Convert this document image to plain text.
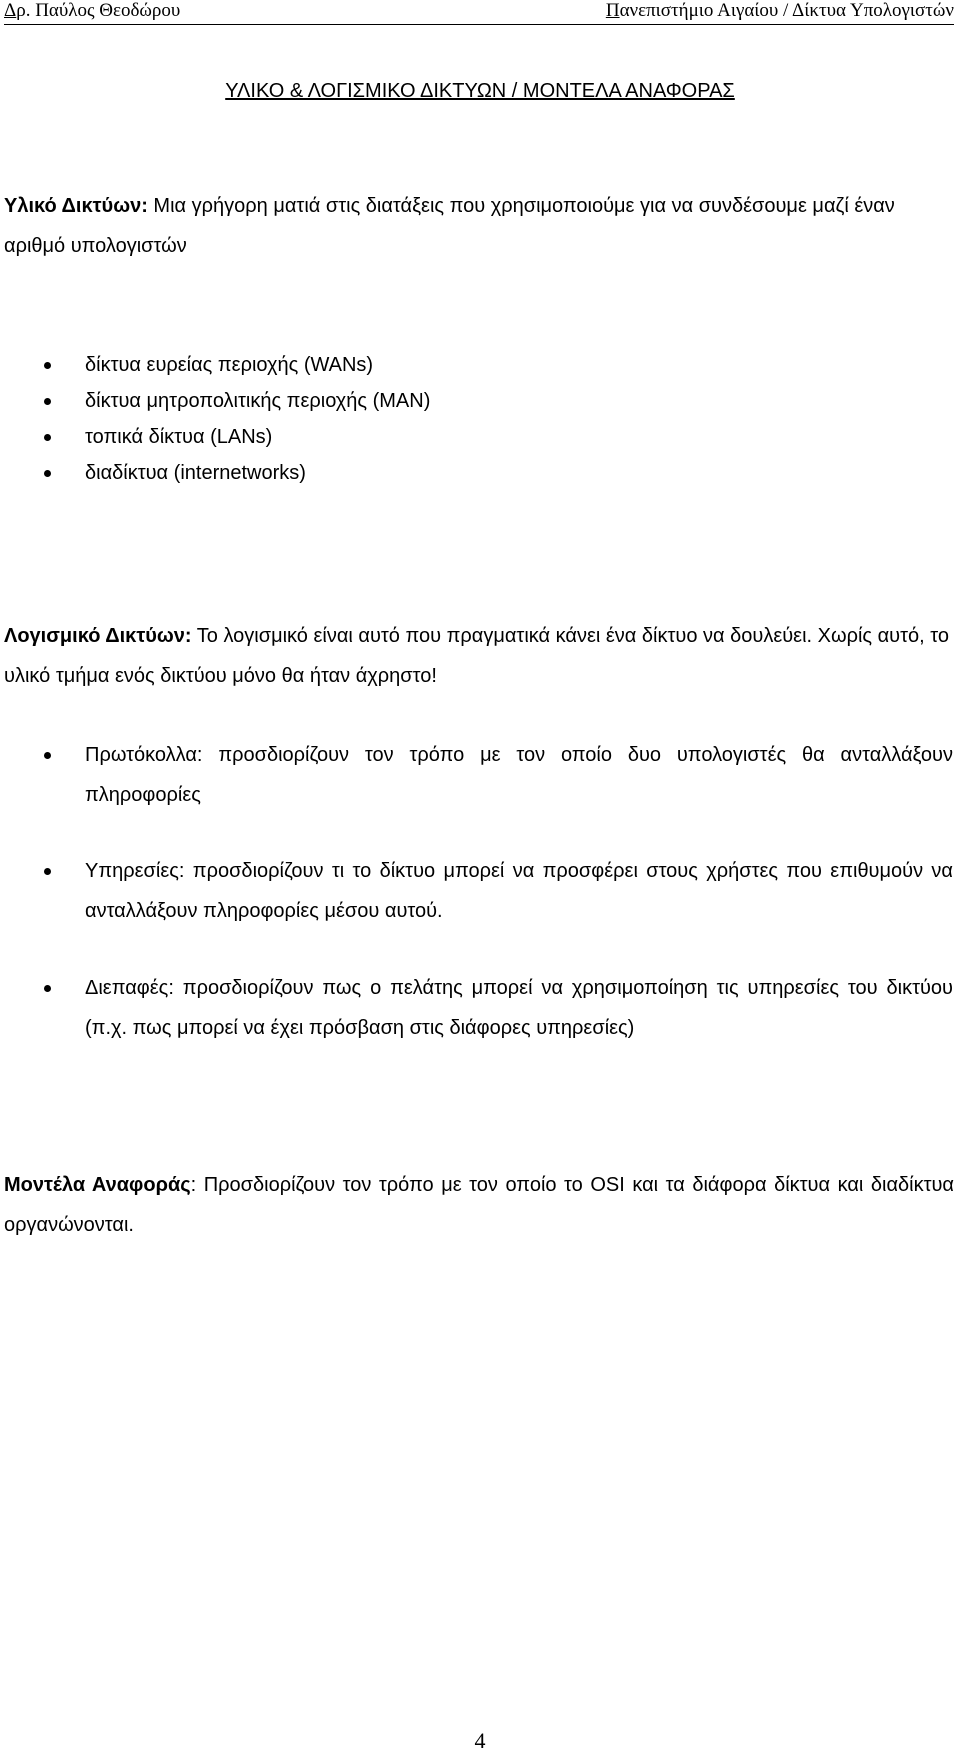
Δρ. Παύλος Θεοδώρου	Πανεπιστήμιο Αιγαίου / Δίκτυα Υπολογιστών
ΥΛΙΚΟ & ΛΟΓΙΣΜΙΚΟ ΔΙΚΤΥΩΝ / ΜΟΝΤΕΛΑ ΑΝΑΦΟΡΑΣ

Υλικό Δικτύων: Μια γρήγορη ματιά στις διατάξεις που χρησιμοποιούμε για να συνδέσουμε μαζί έναν αριθμό υπολογιστών

δίκτυα ευρείας περιοχής (WANs)
δίκτυα μητροπολιτικής περιοχής (MAN)
τοπικά δίκτυα (LANs)
διαδίκτυα (internetworks)

Λογισμικό Δικτύων: Το λογισμικό είναι αυτό που πραγματικά κάνει ένα δίκτυο να δουλεύει. Χωρίς αυτό, το υλικό τμήμα ενός δικτύου μόνο θα ήταν άχρηστο!

Πρωτόκολλα: προσδιορίζουν τον τρόπο με τον οποίο δυο υπολογιστές θα ανταλλάξουν πληροφορίες

Υπηρεσίες: προσδιορίζουν τι το δίκτυο μπορεί να προσφέρει στους χρήστες που επιθυμούν να ανταλλάξουν πληροφορίες μέσου αυτού.

Διεπαφές: προσδιορίζουν πως ο πελάτης μπορεί να χρησιμοποίηση τις υπηρεσίες του δικτύου (π.χ. πως μπορεί να έχει πρόσβαση στις διάφορες υπηρεσίες)

Μοντέλα Αναφοράς: Προσδιορίζουν τον τρόπο με τον οποίο το OSI και τα διάφορα δίκτυα και διαδίκτυα οργανώνονται.

4
